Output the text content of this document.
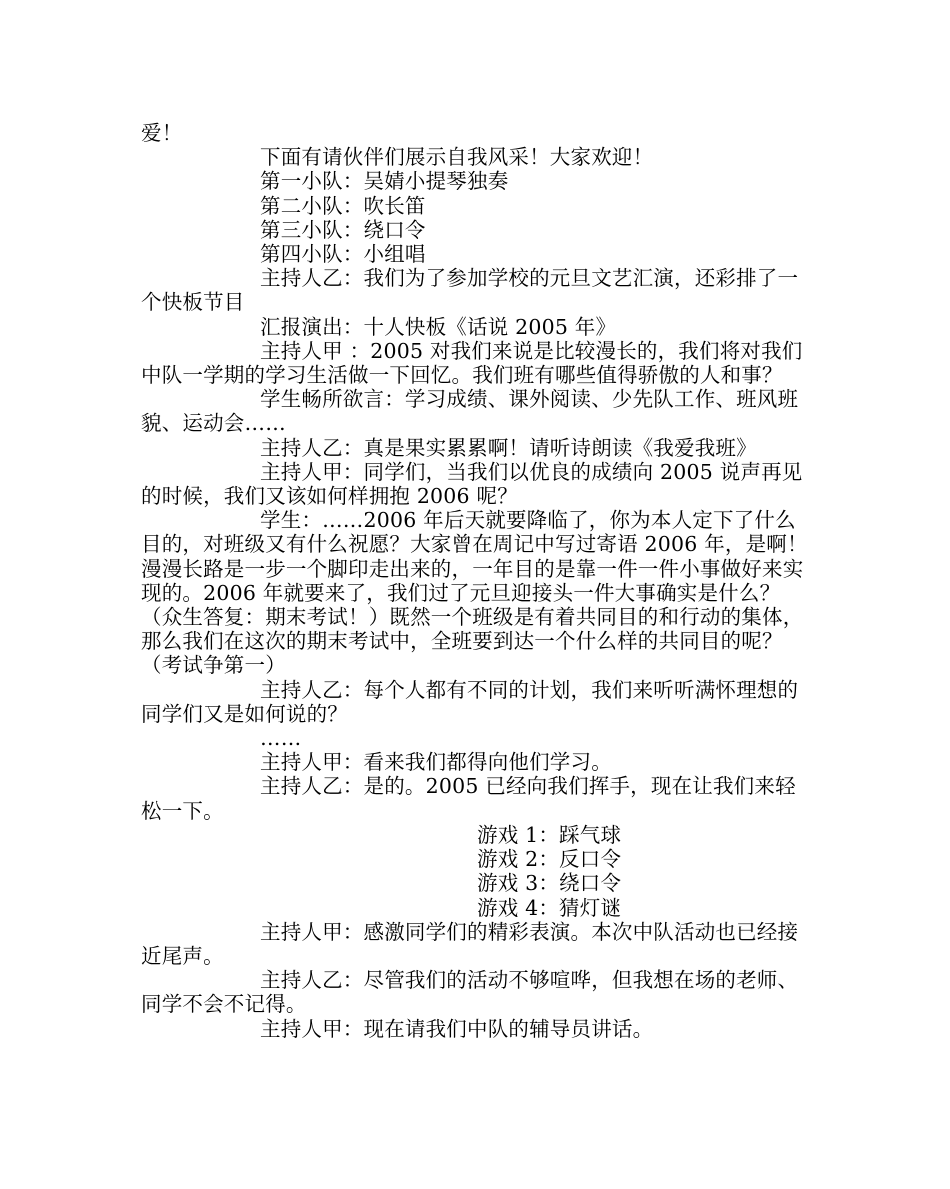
爱！

下面有请伙伴们展示自我风采！大家欢迎！

第一小队：吴婧小提琴独奏

第二小队：吹长笛

第三小队：绕口令

第四小队：小组唱

主持人乙：我们为了参加学校的元旦文艺汇演，还彩排了一个快板节目

汇报演出：十人快板《话说 2005 年》

主持人甲 ：2005 对我们来说是比较漫长的，我们将对我们中队一学期的学习生活做一下回忆。我们班有哪些值得骄傲的人和事？

学生畅所欲言：学习成绩、课外阅读、少先队工作、班风班貌、运动会……

主持人乙：真是果实累累啊！请听诗朗读《我爱我班》

主持人甲：同学们，当我们以优良的成绩向 2005 说声再见的时候，我们又该如何样拥抱 2006 呢？

学生：……2006 年后天就要降临了，你为本人定下了什么目的，对班级又有什么祝愿？大家曾在周记中写过寄语 2006 年，是啊！漫漫长路是一步一个脚印走出来的，一年目的是靠一件一件小事做好来实现的。2006 年就要来了，我们过了元旦迎接头一件大事确实是什么？（众生答复：期末考试！）既然一个班级是有着共同目的和行动的集体，那么我们在这次的期末考试中，全班要到达一个什么样的共同目的呢？（考试争第一）

主持人乙：每个人都有不同的计划，我们来听听满怀理想的同学们又是如何说的？

……

主持人甲：看来我们都得向他们学习。

主持人乙：是的。2005 已经向我们挥手，现在让我们来轻松一下。

游戏 1：踩气球

游戏 2：反口令

游戏 3：绕口令

游戏 4：猜灯谜

主持人甲：感激同学们的精彩表演。本次中队活动也已经接近尾声。

主持人乙：尽管我们的活动不够喧哗，但我想在场的老师、同学不会不记得。

主持人甲：现在请我们中队的辅导员讲话。
